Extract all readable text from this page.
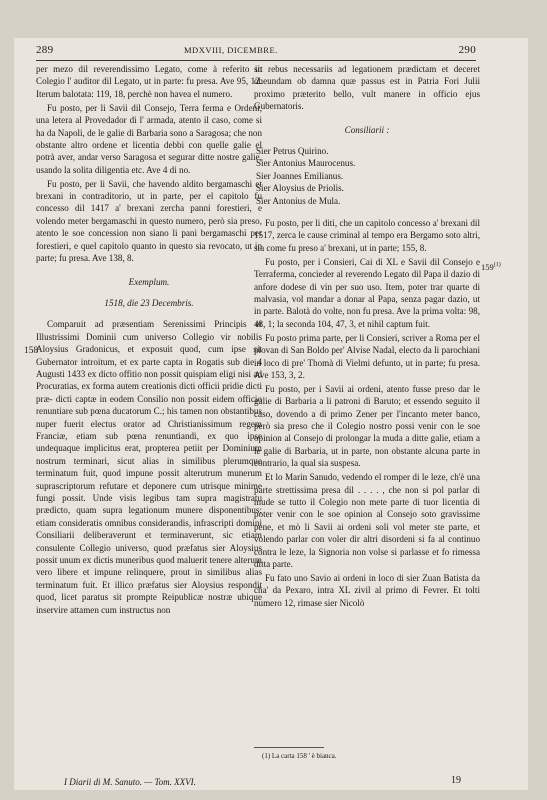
289	MDXVIII, DICEMBRE.	290

per mezo dil reverendissimo Legato, come à referito in Colegio l' auditor dil Legato, ut in parte: fu presa. Ave 95, 12. Iterum balotata: 119, 18, perchè non havea el numero.

Fu posto, per li Savii dil Consejo, Terra ferma e Ordeni, una letera al Provedador di l' armada, atento il caso, come si ha da Napoli, de le galie di Barbaria sono a Saragosa; che non obstante altro ordene et licentia debbi con quelle galie el potrà aver, andar verso Saragosa et segurar ditte nostre galie, usando la solita diligentia etc. Ave 4 di no.

Fu posto, per li Savii, che havendo aldito bergamaschi et brexani in contraditorio, ut in parte, per el capitolo fu concesso dil 1417 a' brexani zercha panni forestieri, e volendo meter bergamaschi in questo numero, però sia preso, atento le soe concession non siano li pani bergamaschi per forestieri, e quel capitolo quanto in questo sia revocato, ut in parte; fu presa. Ave 138, 8.

Exemplum.
1518, die 23 Decembris.

Comparuit ad præsentiam Serenissimi Principis et Illustrissimi Dominii cum universo Collegio vir nobilis Aloysius Gradonicus, et exposuit quod, cum ipse sit Gubernator introitum, et ex parte capta in Rogatis sub die 4 Augusti 1433 ex dicto offitio non possit quispiam eligi nisi ad Procuratias, ex forma autem creationis dicti officii pridie dicti præ- dicti captæ in eodem Consilio non possit eidem officio renuntiare sub pœna ducatorum C.; his tamen non obstantibus nuper fuerit electus orator ad Christianissimum regem Franciæ, etiam sub pœna renuntiandi, ex quo ipse undequaque implicitus erat, propterea petiit per Dominium nostrum terminari, sicut alias in similibus plerumque terminatum fuit, quod impune possit alterutrum munerum suprascriptorum refutare et deponere cum utrisque minime fungi possit. Unde visis legibus tam supra magistratu prædicto, quam supra legationum munere disponentibus; etiam consideratis omnibus considerandis, infrascripti domini Consiliarii deliberaverunt et terminaverunt, sic etiam consulente Collegio universo, quod præfatus sier Aloysius possit unum ex dictis muneribus quod maluerit tenere alterum vero libere et impune relinquere, prout in similibus alias terminatum fuit. Et illico præfatus sier Aloysius respondit quod, licet paratus sit prompte Reipublicæ nostræ ubique inservire attamen cum instructus non

sit rebus necessariis ad legationem prædictam et deceret oheundam ob damna quæ passus est in Patria Fori Julii proximo præterito bello, vult manere in officio ejus Gubernatoris.

Consiliarii :
Sier Petrus Quirino.
Sier Antonius Maurocenus.
Sier Joannes Emilianus.
Sier Aloysius de Priolis.
Sier Antonius de Mula.

Fu posto, per li diti, che un capitolo concesso a' brexani dil 1517, zerca le cause criminal al tempo era Bergamo soto altri, sia come fu preso a' brexani, ut in parte; 155, 8.

Fu posto, per i Consieri, Cai di XL e Savii dil Consejo e Terraferma, concieder al reverendo Legato dil Papa il dazio di anfore dodese di vin per suo uso. Item, poter trar quarte di malvasia, vol mandar a donar al Papa, senza pagar dazio, ut in parte. Balotà do volte, non fu presa. Ave la prima volta: 98, 48, 1; la seconda 104, 47, 3, et nihil captum fuit.

Fu posto prima parte, per li Consieri, scriver a Roma per el piovan di San Boldo per' Alvise Nadal, electo da li parochiani in loco di pre' Thomà di Vielmi defunto, ut in parte; fu presa. Ave 153, 3, 2.

Fu posto, per i Savii ai ordeni, atento fusse preso dar le galie di Barbaria a li patroni di Baruto; et essendo seguito il caso, dovendo a di primo Zener per l'incanto meter banco, però sia preso che il Colegio nostro possi venir con le soe opinion al Consejo di prolongar la muda a ditte galie, etiam a le galie di Barbaria, ut in parte, non obstante alcuna parte in contrario, la qual sia suspesa.

Et lo Marin Sanudo, vedendo el romper di le leze, ch'è una parte strettissima presa dil . . . . , che non si pol parlar di mude se tutto il Colegio non mete parte di tuor licentia di poter venir con le soe opinion al Consejo soto gravissime pene, et mò li Savii ai ordeni soli vol meter ste parte, et volendo parlar con voler dir altri disordeni si fa al continuo contra le leze, la Signoria non volse si parlasse et fo rimessa ditta parte.

Fu fato uno Savio ai ordeni in loco di sier Zuan Batista da cha' da Pexaro, intra XL zivil al primo di Fevrer. Et tolti numero 12, rimase sier Nicolò

158
159$^{(1)}$
(1) La carta 158 ' è bianca.
I Diarii di M. Sanuto. — Tom. XXVI.	19
